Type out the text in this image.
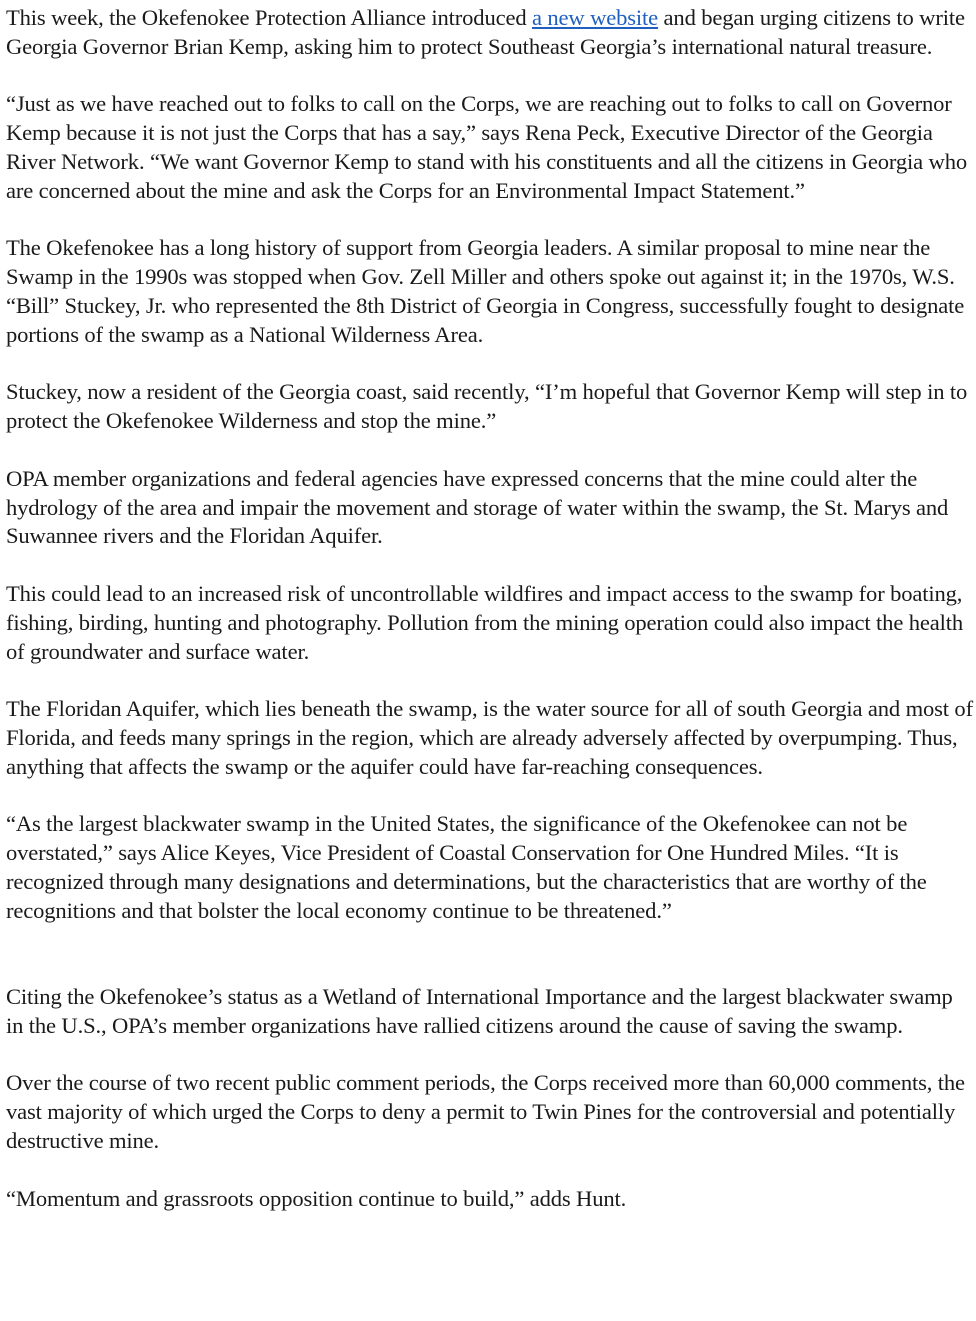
This week, the Okefenokee Protection Alliance introduced a new website and began urging citizens to write Georgia Governor Brian Kemp, asking him to protect Southeast Georgia’s international natural treasure.

“Just as we have reached out to folks to call on the Corps, we are reaching out to folks to call on Governor Kemp because it is not just the Corps that has a say,” says Rena Peck, Executive Director of the Georgia River Network. “We want Governor Kemp to stand with his constituents and all the citizens in Georgia who are concerned about the mine and ask the Corps for an Environmental Impact Statement.”

The Okefenokee has a long history of support from Georgia leaders. A similar proposal to mine near the Swamp in the 1990s was stopped when Gov. Zell Miller and others spoke out against it; in the 1970s, W.S. “Bill” Stuckey, Jr. who represented the 8th District of Georgia in Congress, successfully fought to designate portions of the swamp as a National Wilderness Area.

Stuckey, now a resident of the Georgia coast, said recently, “I’m hopeful that Governor Kemp will step in to protect the Okefenokee Wilderness and stop the mine.”

OPA member organizations and federal agencies have expressed concerns that the mine could alter the hydrology of the area and impair the movement and storage of water within the swamp, the St. Marys and Suwannee rivers and the Floridan Aquifer.

This could lead to an increased risk of uncontrollable wildfires and impact access to the swamp for boating, fishing, birding, hunting and photography. Pollution from the mining operation could also impact the health of groundwater and surface water.

The Floridan Aquifer, which lies beneath the swamp, is the water source for all of south Georgia and most of Florida, and feeds many springs in the region, which are already adversely affected by overpumping. Thus, anything that affects the swamp or the aquifer could have far-reaching consequences.

“As the largest blackwater swamp in the United States, the significance of the Okefenokee can not be overstated,” says Alice Keyes, Vice President of Coastal Conservation for One Hundred Miles. “It is recognized through many designations and determinations, but the characteristics that are worthy of the recognitions and that bolster the local economy continue to be threatened.”

Citing the Okefenokee’s status as a Wetland of International Importance and the largest blackwater swamp in the U.S., OPA’s member organizations have rallied citizens around the cause of saving the swamp.

Over the course of two recent public comment periods, the Corps received more than 60,000 comments, the vast majority of which urged the Corps to deny a permit to Twin Pines for the controversial and potentially destructive mine.

“Momentum and grassroots opposition continue to build,” adds Hunt.
